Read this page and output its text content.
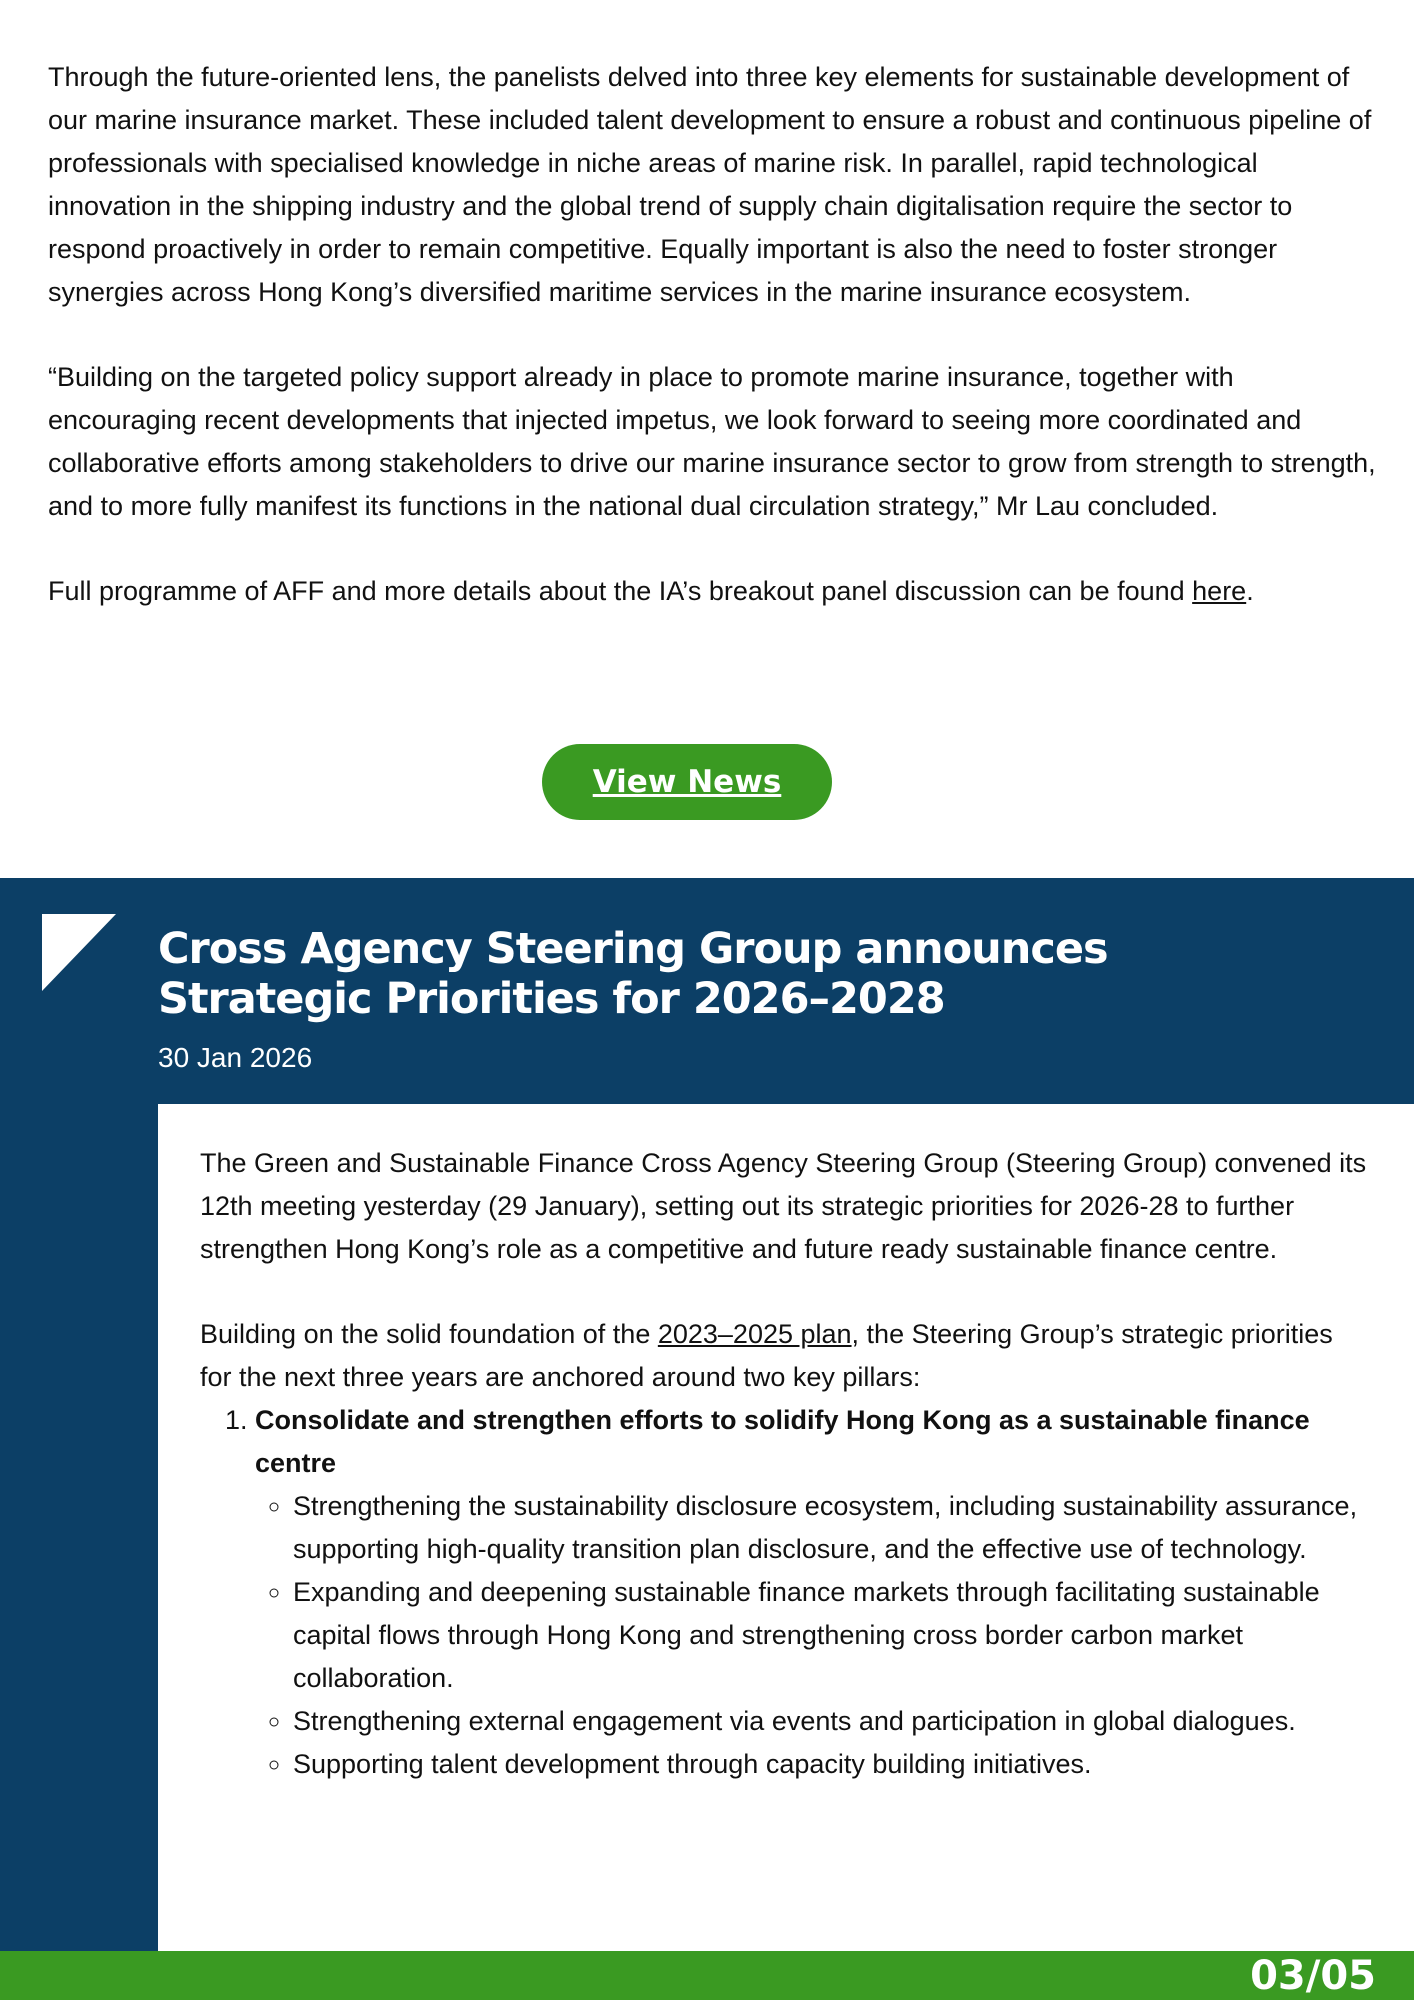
Through the future-oriented lens, the panelists delved into three key elements for sustainable development of our marine insurance market. These included talent development to ensure a robust and continuous pipeline of professionals with specialised knowledge in niche areas of marine risk. In parallel, rapid technological innovation in the shipping industry and the global trend of supply chain digitalisation require the sector to respond proactively in order to remain competitive. Equally important is also the need to foster stronger synergies across Hong Kong’s diversified maritime services in the marine insurance ecosystem.

“Building on the targeted policy support already in place to promote marine insurance, together with encouraging recent developments that injected impetus, we look forward to seeing more coordinated and collaborative efforts among stakeholders to drive our marine insurance sector to grow from strength to strength, and to more fully manifest its functions in the national dual circulation strategy,” Mr Lau concluded.

Full programme of AFF and more details about the IA’s breakout panel discussion can be found here.

View News
Cross Agency Steering Group announces Strategic Priorities for 2026–2028
30 Jan 2026

The Green and Sustainable Finance Cross Agency Steering Group (Steering Group) convened its 12th meeting yesterday (29 January), setting out its strategic priorities for 2026-28 to further strengthen Hong Kong’s role as a competitive and future ready sustainable finance centre.

Building on the solid foundation of the 2023–2025 plan, the Steering Group’s strategic priorities for the next three years are anchored around two key pillars:

1. Consolidate and strengthen efforts to solidify Hong Kong as a sustainable finance centre
◦ Strengthening the sustainability disclosure ecosystem, including sustainability assurance, supporting high-quality transition plan disclosure, and the effective use of technology.
◦ Expanding and deepening sustainable finance markets through facilitating sustainable capital flows through Hong Kong and strengthening cross border carbon market collaboration.
◦ Strengthening external engagement via events and participation in global dialogues.
◦ Supporting talent development through capacity building initiatives.
03/05
